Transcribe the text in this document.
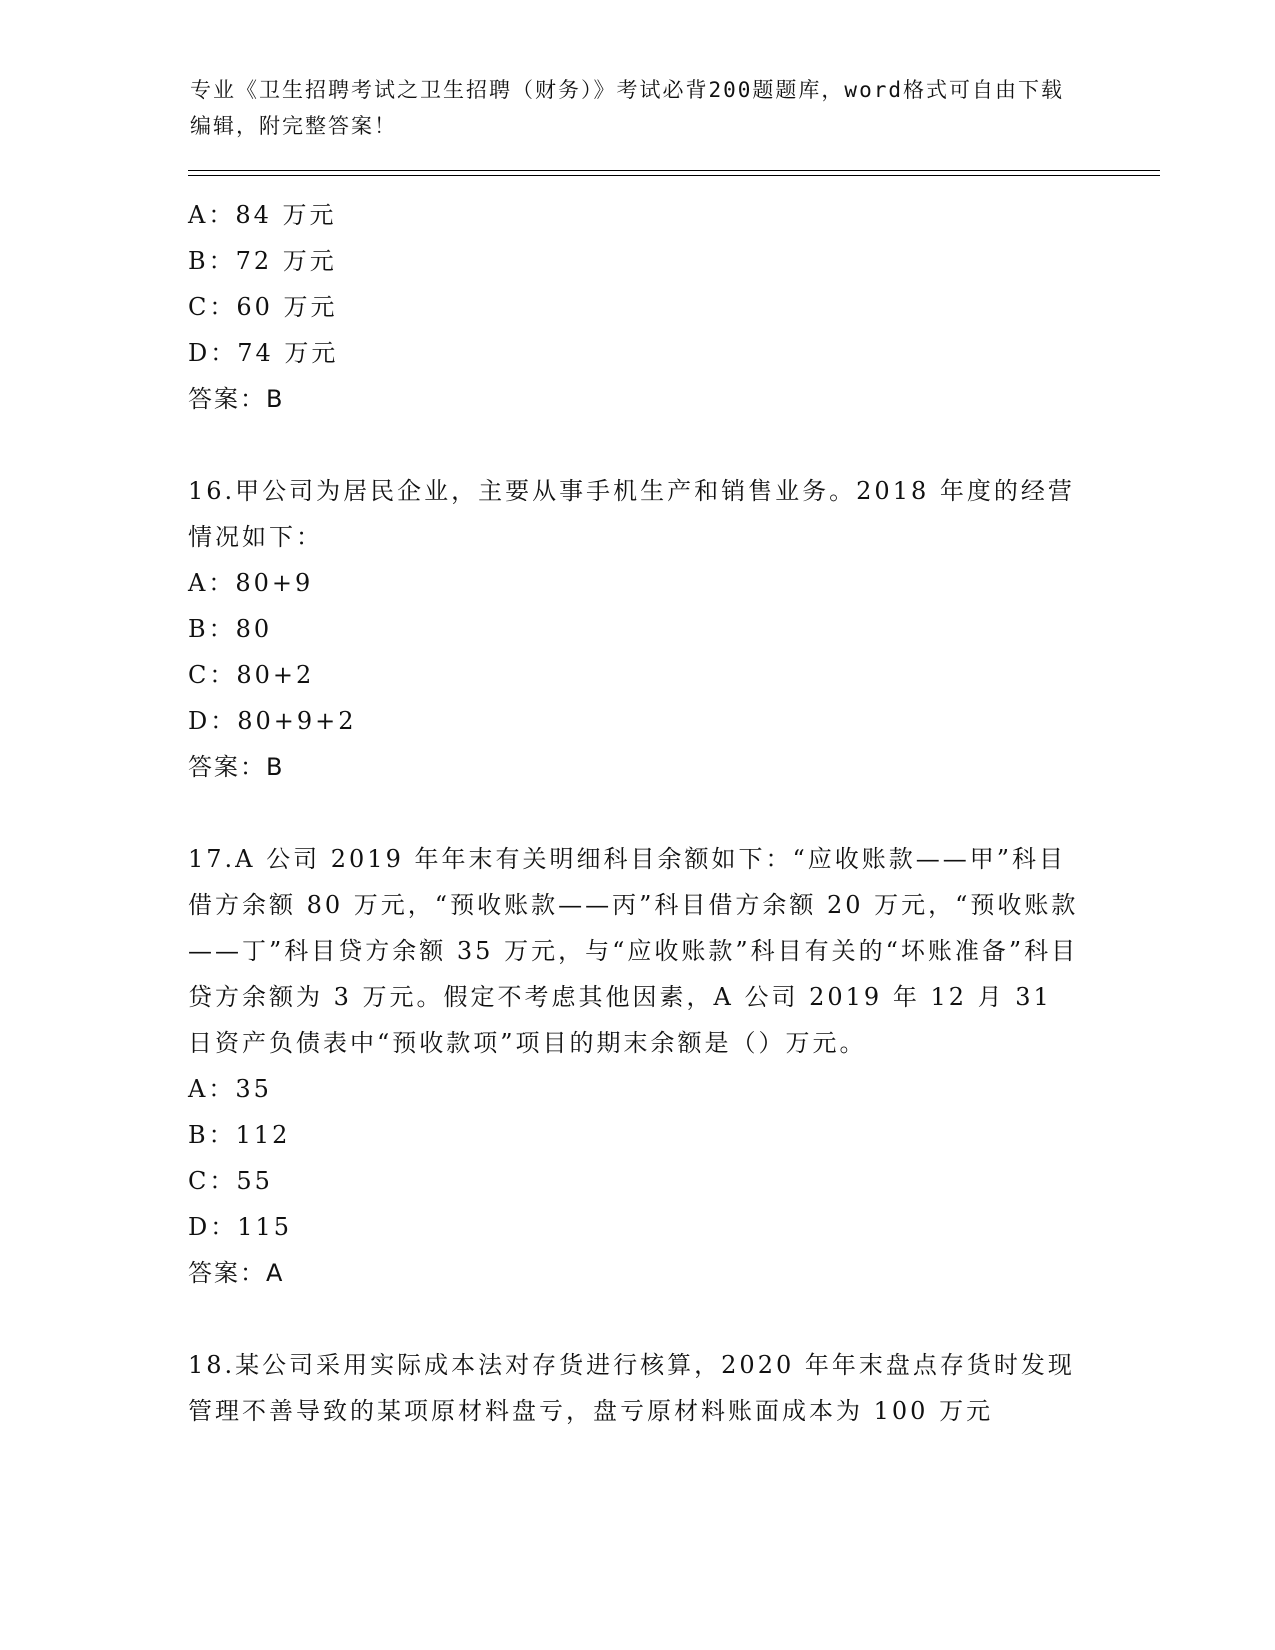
专业《卫生招聘考试之卫生招聘（财务）》考试必背200题题库，word格式可自由下载编辑，附完整答案！
A：84 万元
B：72 万元
C：60 万元
D：74 万元
答案：B
16.甲公司为居民企业，主要从事手机生产和销售业务。2018 年度的经营情况如下：
A：80+9
B：80
C：80+2
D：80+9+2
答案：B
17.A 公司 2019 年年末有关明细科目余额如下：“应收账款——甲”科目借方余额 80 万元，“预收账款——丙”科目借方余额 20 万元，“预收账款——丁”科目贷方余额 35 万元，与“应收账款”科目有关的“坏账准备”科目贷方余额为 3 万元。假定不考虑其他因素，A 公司 2019 年 12 月 31 日资产负债表中“预收款项”项目的期末余额是（）万元。
A：35
B：112
C：55
D：115
答案：A
18.某公司采用实际成本法对存货进行核算，2020 年年末盘点存货时发现管理不善导致的某项原材料盘亏，盘亏原材料账面成本为 100 万元
